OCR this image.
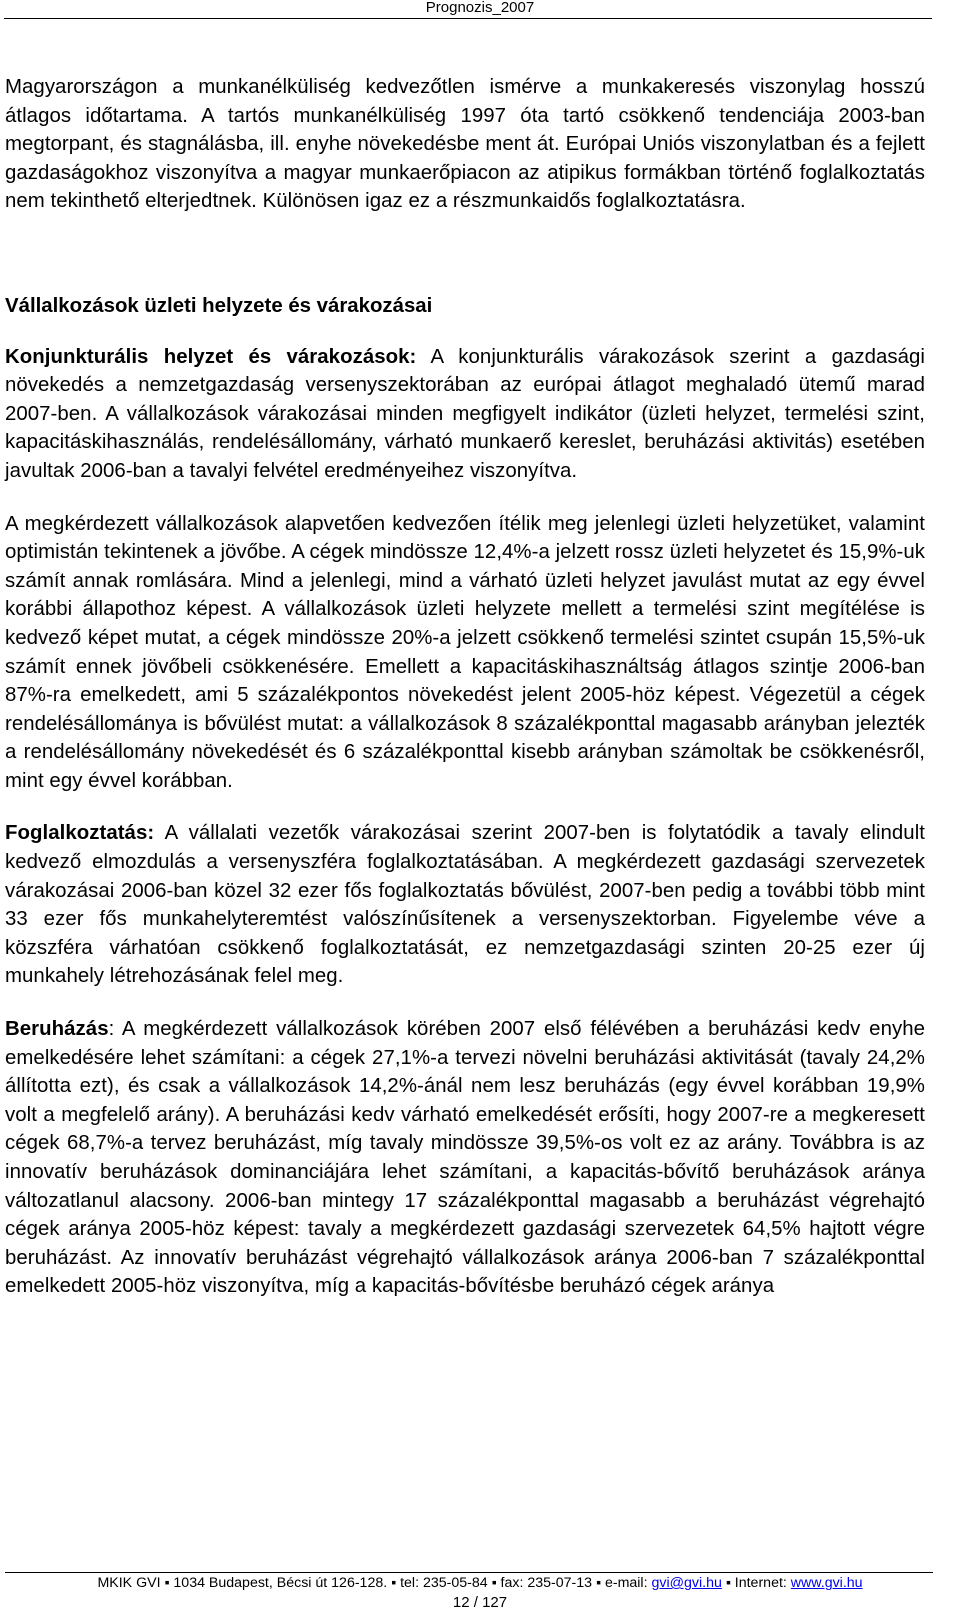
Prognozis_2007

Magyarországon a munkanélküliség kedvezőtlen ismérve a munkakeresés viszonylag hosszú átlagos időtartama. A tartós munkanélküliség 1997 óta tartó csökkenő tendenciája 2003-ban megtorpant, és stagnálásba, ill. enyhe növekedésbe ment át. Európai Uniós viszonylatban és a fejlett gazdaságokhoz viszonyítva a magyar munkaerőpiacon az atipikus formákban történő foglalkoztatás nem tekinthető elterjedtnek. Különösen igaz ez a részmunkaidős foglalkoztatásra.

Vállalkozások üzleti helyzete és várakozásai

Konjunkturális helyzet és várakozások: A konjunkturális várakozások szerint a gazdasági növekedés a nemzetgazdaság versenyszektorában az európai átlagot meghaladó ütemű marad 2007-ben. A vállalkozások várakozásai minden megfigyelt indikátor (üzleti helyzet, termelési szint, kapacitáskihasználás, rendelésállomány, várható munkaerő kereslet, beruházási aktivitás) esetében javultak 2006-ban a tavalyi felvétel eredményeihez viszonyítva.

A megkérdezett vállalkozások alapvetően kedvezően ítélik meg jelenlegi üzleti helyzetüket, valamint optimistán tekintenek a jövőbe. A cégek mindössze 12,4%-a jelzett rossz üzleti helyzetet és 15,9%-uk számít annak romlására. Mind a jelenlegi, mind a várható üzleti helyzet javulást mutat az egy évvel korábbi állapothoz képest. A vállalkozások üzleti helyzete mellett a termelési szint megítélése is kedvező képet mutat, a cégek mindössze 20%-a jelzett csökkenő termelési szintet csupán 15,5%-uk számít ennek jövőbeli csökkenésére. Emellett a kapacitáskihasználtság átlagos szintje 2006-ban 87%-ra emelkedett, ami 5 százalékpontos növekedést jelent 2005-höz képest. Végezetül a cégek rendelésállománya is bővülést mutat: a vállalkozások 8 százalékponttal magasabb arányban jelezték a rendelésállomány növekedését és 6 százalékponttal kisebb arányban számoltak be csökkenésről, mint egy évvel korábban.

Foglalkoztatás: A vállalati vezetők várakozásai szerint 2007-ben is folytatódik a tavaly elindult kedvező elmozdulás a versenyszféra foglalkoztatásában. A megkérdezett gazdasági szervezetek várakozásai 2006-ban közel 32 ezer fős foglalkoztatás bővülést, 2007-ben pedig a további több mint 33 ezer fős munkahelyteremtést valószínűsítenek a versenyszektorban. Figyelembe véve a közszféra várhatóan csökkenő foglalkoztatását, ez nemzetgazdasági szinten 20-25 ezer új munkahely létrehozásának felel meg.

Beruházás: A megkérdezett vállalkozások körében 2007 első félévében a beruházási kedv enyhe emelkedésére lehet számítani: a cégek 27,1%-a tervezi növelni beruházási aktivitását (tavaly 24,2% állította ezt), és csak a vállalkozások 14,2%-ánál nem lesz beruházás (egy évvel korábban 19,9% volt a megfelelő arány). A beruházási kedv várható emelkedését erősíti, hogy 2007-re a megkeresett cégek 68,7%-a tervez beruházást, míg tavaly mindössze 39,5%-os volt ez az arány. Továbbra is az innovatív beruházások dominanciájára lehet számítani, a kapacitás-bővítő beruházások aránya változatlanul alacsony. 2006-ban mintegy 17 százalékponttal magasabb a beruházást végrehajtó cégek aránya 2005-höz képest: tavaly a megkérdezett gazdasági szervezetek 64,5% hajtott végre beruházást. Az innovatív beruházást végrehajtó vállalkozások aránya 2006-ban 7 százalékponttal emelkedett 2005-höz viszonyítva, míg a kapacitás-bővítésbe beruházó cégek aránya

MKIK GVI ▪ 1034 Budapest, Bécsi út 126-128. ▪ tel: 235-05-84 ▪ fax: 235-07-13 ▪ e-mail: gvi@gvi.hu ▪ Internet: www.gvi.hu
12 / 127
